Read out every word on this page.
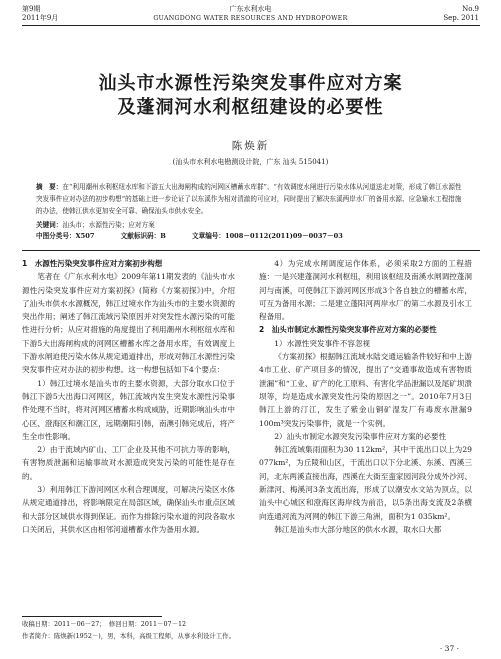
第9期
2011年9月
广东水利水电
GUANGDONG WATER RESOURCES AND HYDROPOWER
No.9
Sep. 2011
汕头市水源性污染突发事件应对方案
及蓬洞河水利枢纽建设的必要性
陈焕新
(汕头市水利水电勘测设计院，广东 汕头 515041)
摘　要：在“利用潮州水利枢纽水库和下游五大出海闸构成的河网区槽蓄水库群”、“有效调度水闸进行污染水体从河道送走对策，形成了韩江水源性突发事件应对办法的初步构想”的基础上进一步论证了以东溪作为相对清澈的可应对，同时提出了解决东溪两岸水厂的备用水源、应急输水工程措施的办法，使韩江供水更加安全可靠、确保汕头市供水安全。
关键词：汕头市；水源性污染；应对方案
中图分类号：X507	文献标识码：B	文章编号：1008－0112(2011)09－0037－03

1　水源性污染突发事件应对方案初步构想

笔者在《广东水利水电》2009年第11期发表的《汕头市水源性污染突发事件应对方案初探》(简称《方案初探》)中，介绍了汕头市供水水源概况，韩江过境水作为汕头市的主要水资源的突出作用；阐述了韩江流域污染原因并对突发性水源污染的可能性进行分析；从应对措施的角度提出了利用潮州水利枢纽水库和下游5大出海闸构成的河网区槽蓄水库之备用水库，有效调度上下游水闸迫使污染水体从规定通道排出，形成对韩江水源性污染突发事件应对办法的初步构想。这一构想包括如下4个要点：

1）韩江过境水是汕头市的主要水资源，大部分取水口位于韩江下游5大出海口河网区，韩江流域内发生突发水源性污染事件处理不当时，将对河网区槽蓄水构成威胁，近期影响汕头市中心区、澄海区和潮江区，远期潮阳引韩，南澳引韩完成后，将产生全市性影响。

2）由于流域内矿山、工厂企业及其他不可抗力等的影响，有害物质泄漏和运输事故对水源造成突发污染的可能性是存在的。

3）利用韩江下游河网区水利合理调度，可解决污染区水体从规定通道排出，将影响限定在局部区域，确保汕头市重点区域和大部分区域供水得到保证。而作为排除污染水道的河段各取水口关闭后，其供水区由相邻河道槽蓄水作为备用水源。

4）为完成水闸调度运作体系，必须采取2方面的工程措施：一是兴建蓬洞河水利枢纽，利用该枢纽及南溪水闸调控蓬洞河与南溪，可使韩江下游河网区形成3个各自独立的槽蓄水库，可互为备用水源；二是建立蓬阳河两岸水厂的第二水源及引水工程备用。

2　汕头市制定水源性污染突发事件应对方案的必要性

1）水源性突发事件不容忽视

《方案初探》根据韩江流域水陆交通运输条件较好和中上游4市工业、矿产项目多的情况，提出了“交通事故造成有害物质泄漏”和“工业、矿产的化工原料、有害化学品泄漏以及尾矿坝溃坝等，均是造成水源突发性污染的原因之一”。2010年7月3日韩江上游的汀江，发生了紫金山铜矿湿发厂有毒废水泄漏9 100m³突发污染事件，就是一个实例。

2）汕头市制定水源突发污染事件应对方案的必要性

韩江流域集雨面积为30 112km²，其中干流出口以上为29 077km²，为丘陵和山区，干流出口以下分北溪、东溪、西溪三河，北东两溪直接出海，西溪在大衙至蛮家园河段分成外沙河、新津河、梅溪河3条支流出海，形成了以潮安水文站为顶点，以汕头中心城区和澄海区海岸线为前沿，以5条出海支流及2条横向连通河流为河网的韩江下游三角洲，面积为1 035km²。

韩江是汕头市大部分地区的供水水源，取水口大都

收稿日期：2011－06－27；　修回日期：2011－07－12
作者简介：陈焕新(1952－)，男，本科，高级工程师，从事水利设计工作。
· 37 ·
